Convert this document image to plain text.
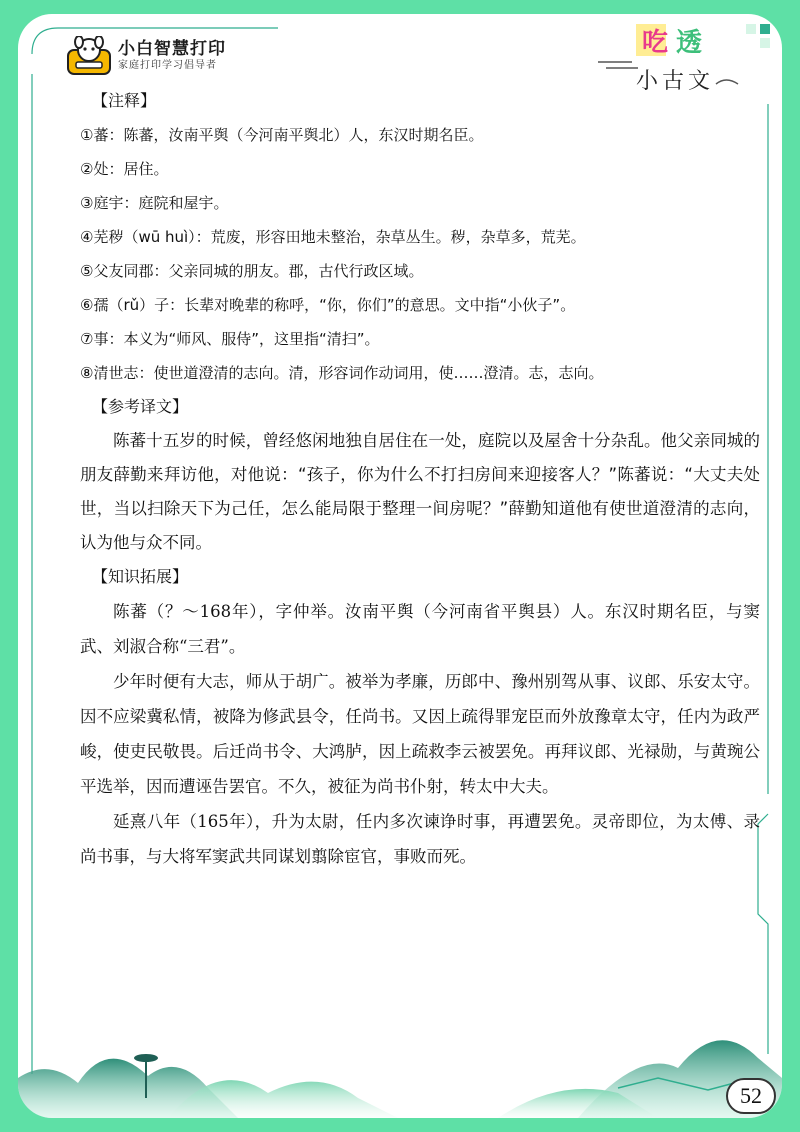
小白智慧打印
家庭打印学习倡导者
吃 透
小古文
【注释】
①蕃：陈蕃，汝南平舆（今河南平舆北）人，东汉时期名臣。
②处：居住。
③庭宇：庭院和屋宇。
④芜秽（wū huì）：荒废，形容田地未整治，杂草丛生。秽，杂草多，荒芜。
⑤父友同郡：父亲同城的朋友。郡，古代行政区域。
⑥孺（rǔ）子：长辈对晚辈的称呼，“你，你们”的意思。文中指“小伙子”。
⑦事：本义为“师风、服侍”，这里指“清扫”。
⑧清世志：使世道澄清的志向。清，形容词作动词用，使……澄清。志，志向。
【参考译文】

陈蕃十五岁的时候，曾经悠闲地独自居住在一处，庭院以及屋舍十分杂乱。他父亲同城的朋友薛勤来拜访他，对他说：“孩子，你为什么不打扫房间来迎接客人？”陈蕃说：“大丈夫处世，当以扫除天下为己任，怎么能局限于整理一间房呢？”薛勤知道他有使世道澄清的志向，认为他与众不同。

【知识拓展】

陈蕃（？～168年），字仲举。汝南平舆（今河南省平舆县）人。东汉时期名臣，与窦武、刘淑合称“三君”。

少年时便有大志，师从于胡广。被举为孝廉，历郎中、豫州别驾从事、议郎、乐安太守。因不应梁冀私情，被降为修武县令，任尚书。又因上疏得罪宠臣而外放豫章太守，任内为政严峻，使吏民敬畏。后迁尚书令、大鸿胪，因上疏救李云被罢免。再拜议郎、光禄勋，与黄琬公平选举，因而遭诬告罢官。不久，被征为尚书仆射，转太中大夫。

延熹八年（165年），升为太尉，任内多次谏诤时事，再遭罢免。灵帝即位，为太傅、录尚书事，与大将军窦武共同谋划翦除宦官，事败而死。

52
